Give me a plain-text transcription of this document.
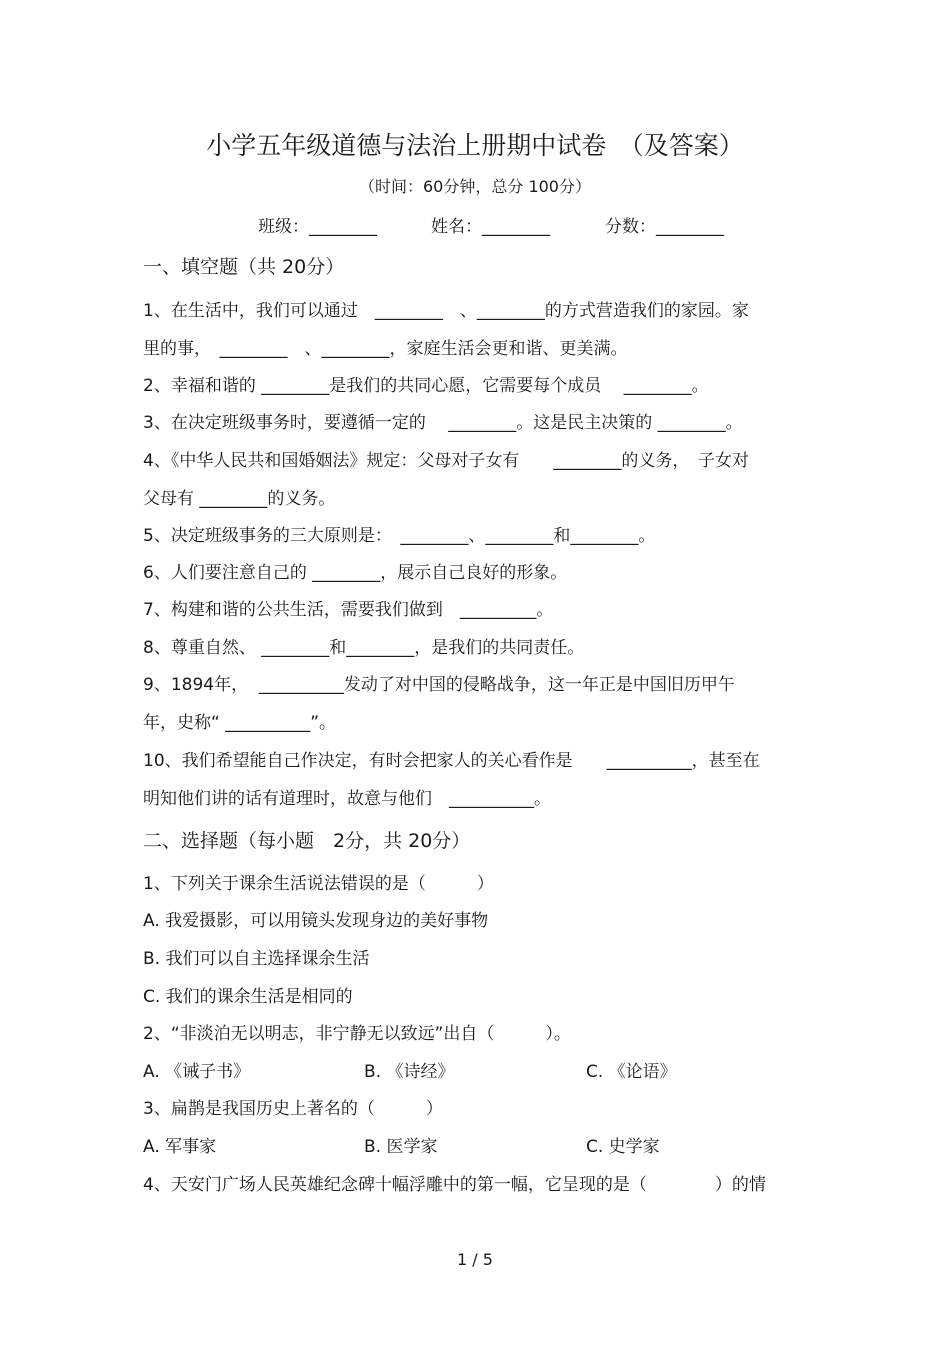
小学五年级道德与法治上册期中试卷　（及答案）
（时间：60分钟，总分 100分）
班级：________	姓名：________	分数：________
一、填空题（共 20分）
1、在生活中，我们可以通过　________　、________的方式营造我们的家园。家
里的事，　________　、________，家庭生活会更和谐、更美满。
2、幸福和谐的 ________是我们的共同心愿，它需要每个成员　 ________。
3、在决定班级事务时，要遵循一定的　 ________。这是民主决策的 ________。
4、《中华人民共和国婚姻法》规定：父母对子女有　　________的义务，　子女对
父母有 ________的义务。
5、决定班级事务的三大原则是：　________、________和________。
6、人们要注意自己的 ________，展示自己良好的形象。
7、构建和谐的公共生活，需要我们做到　_________。
8、尊重自然、 ________和________，是我们的共同责任。
9、1894年，  __________发动了对中国的侵略战争，这一年正是中国旧历甲午
年，史称“ __________”。
10、我们希望能自己作决定，有时会把家人的关心看作是　　__________，甚至在
明知他们讲的话有道理时，故意与他们　__________。
二、选择题（每小题　2分，共 20分）
1、下列关于课余生活说法错误的是（　　　）
A. 我爱摄影，可以用镜头发现身边的美好事物
B. 我们可以自主选择课余生活
C. 我们的课余生活是相同的
2、“非淡泊无以明志，非宁静无以致远”出自（　　　）。
A. 《诫子书》	B. 《诗经》	C. 《论语》
3、扁鹊是我国历史上著名的（　　　）
A. 军事家	B. 医学家	C. 史学家
4、天安门广场人民英雄纪念碑十幅浮雕中的第一幅，它呈现的是（　　　　）的情
1 / 5
